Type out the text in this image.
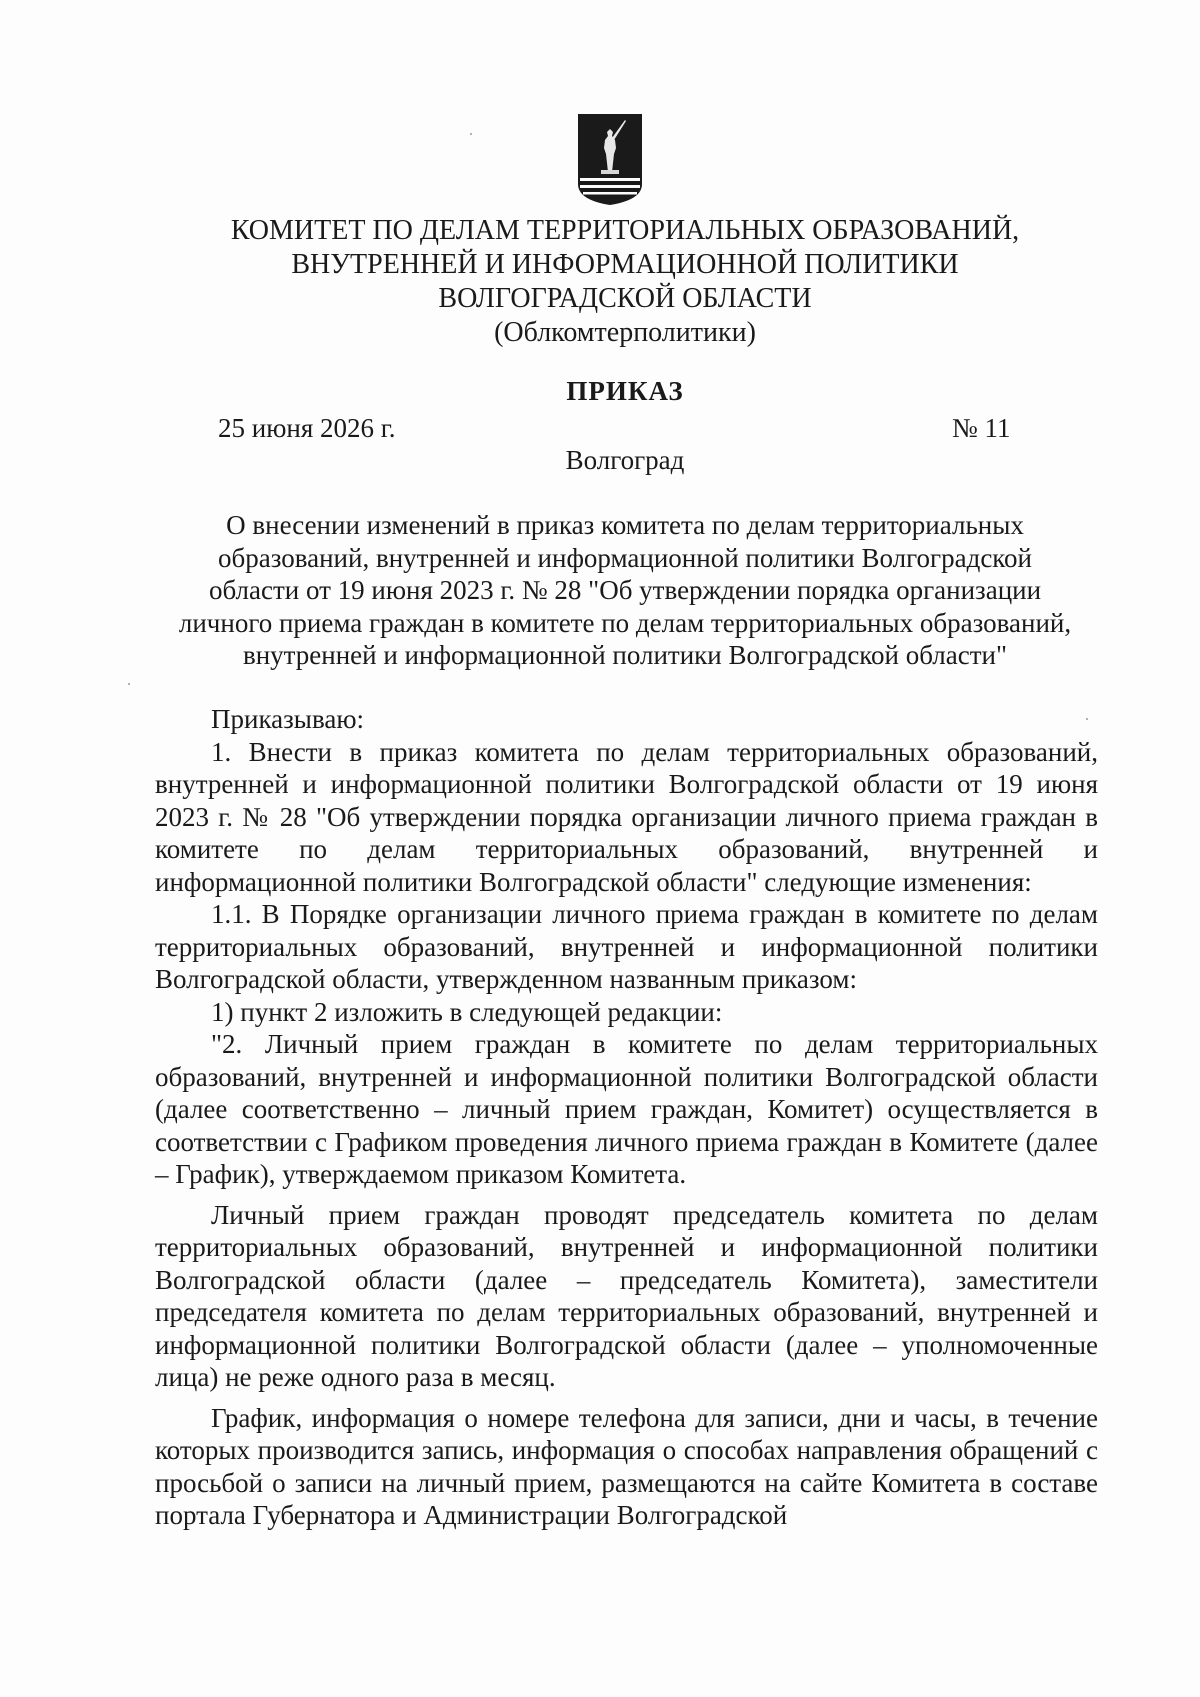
КОМИТЕТ ПО ДЕЛАМ ТЕРРИТОРИАЛЬНЫХ ОБРАЗОВАНИЙ,
ВНУТРЕННЕЙ И ИНФОРМАЦИОННОЙ ПОЛИТИКИ
ВОЛГОГРАДСКОЙ ОБЛАСТИ
(Облкомтерполитики)
ПРИКАЗ
25 июня 2026 г.	№ 11
Волгоград
О внесении изменений в приказ комитета по делам территориальных
образований, внутренней и информационной политики Волгоградской
области от 19 июня 2023 г. № 28 "Об утверждении порядка организации
личного приема граждан в комитете по делам территориальных образований,
внутренней и информационной политики Волгоградской области"

Приказываю:

1. Внести в приказ комитета по делам территориальных образований, внутренней и информационной политики Волгоградской области от 19 июня 2023 г. № 28 "Об утверждении порядка организации личного приема граждан в комитете по делам территориальных образований, внутренней и информационной политики Волгоградской области" следующие изменения:

1.1. В Порядке организации личного приема граждан в комитете по делам территориальных образований, внутренней и информационной политики Волгоградской области, утвержденном названным приказом:

1) пункт 2 изложить в следующей редакции:

"2. Личный прием граждан в комитете по делам территориальных образований, внутренней и информационной политики Волгоградской области (далее соответственно – личный прием граждан, Комитет) осуществляется в соответствии с Графиком проведения личного приема граждан в Комитете (далее – График), утверждаемом приказом Комитета.

Личный прием граждан проводят председатель комитета по делам территориальных образований, внутренней и информационной политики Волгоградской области (далее – председатель Комитета), заместители председателя комитета по делам территориальных образований, внутренней и информационной политики Волгоградской области (далее – уполномоченные лица) не реже одного раза в месяц.

График, информация о номере телефона для записи, дни и часы, в течение которых производится запись, информация о способах направления обращений с просьбой о записи на личный прием, размещаются на сайте Комитета в составе портала Губернатора и Администрации Волгоградской
